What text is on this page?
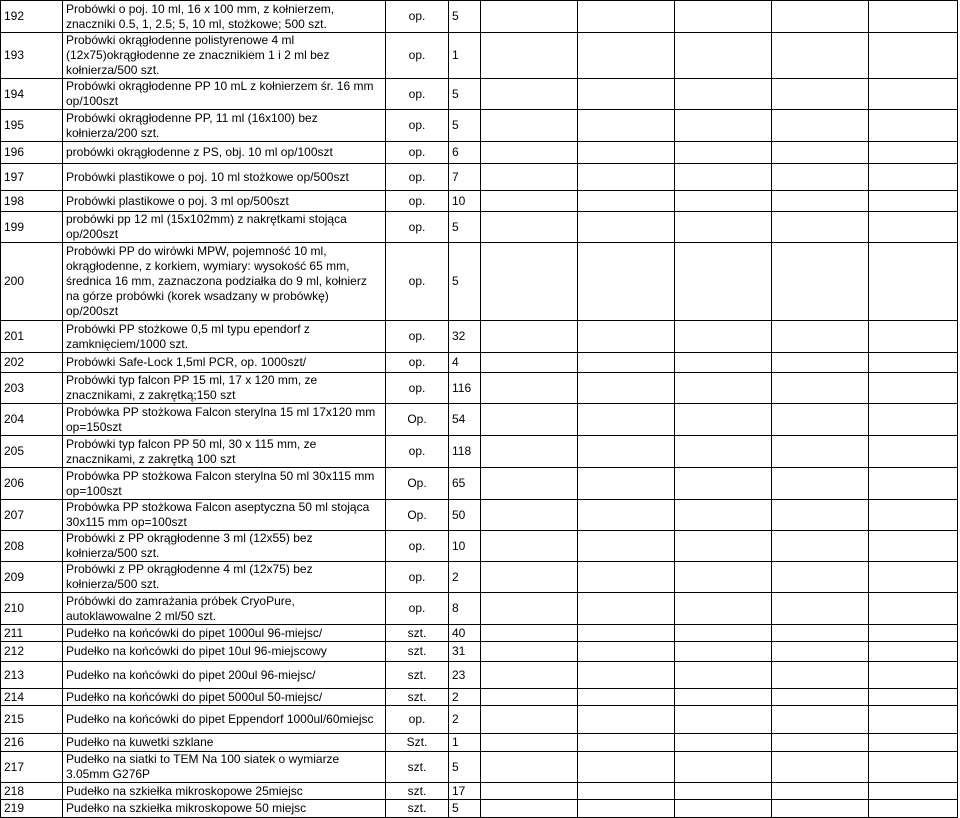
192	Probówki o poj. 10 ml, 16 x 100 mm, z kołnierzem, znaczniki 0.5, 1, 2.5; 5, 10 ml, stożkowe; 500 szt.	op.	5					

193	Probówki okrągłodenne polistyrenowe 4 ml (12x75)okrągłodenne ze znacznikiem 1 i 2 ml bez kołnierza/500 szt.	op.	1					

194	Probówki okrągłodenne PP 10 mL z kołnierzem śr. 16 mm op/100szt	op.	5					

195	Probówki okrągłodenne PP, 11 ml (16x100) bez kołnierza/200 szt.	op.	5					

196	probówki okrągłodenne z PS, obj. 10 ml op/100szt	op.	6					

197	Probówki plastikowe o poj. 10 ml stożkowe op/500szt	op.	7					

198	Probówki plastikowe o poj. 3 ml op/500szt	op.	10					

199	probówki pp 12 ml (15x102mm) z nakrętkami stojąca op/200szt	op.	5					

200	Probówki PP do wirówki MPW, pojemność 10 ml, okrągłodenne, z korkiem, wymiary: wysokość 65 mm, średnica 16 mm, zaznaczona podziałka do 9 ml, kołnierz na górze probówki (korek wsadzany w probówkę) op/200szt	op.	5					

201	Probówki PP stożkowe 0,5 ml typu ependorf z zamknięciem/1000 szt.	op.	32					

202	Probówki Safe-Lock 1,5ml PCR, op. 1000szt/	op.	4					

203	Probówki typ falcon PP 15 ml, 17 x 120 mm, ze znacznikami, z zakrętką;150 szt	op.	116					

204	Probówka PP stożkowa Falcon sterylna 15 ml 17x120 mm op=150szt	Op.	54					

205	Probówki typ falcon PP 50 ml, 30 x 115 mm, ze znacznikami, z zakrętką 100 szt	op.	118					

206	Probówka PP stożkowa Falcon sterylna 50 ml 30x115 mm op=100szt	Op.	65					

207	Probówka PP stożkowa Falcon aseptyczna 50 ml stojąca 30x115 mm op=100szt	Op.	50					

208	Probówki z PP okrągłodenne 3 ml (12x55) bez kołnierza/500 szt.	op.	10					

209	Probówki z PP okrągłodenne 4 ml (12x75) bez kołnierza/500 szt.	op.	2					

210	Próbówki do zamrażania próbek CryoPure, autoklawowalne 2 ml/50 szt.	op.	8					

211	Pudełko na końcówki do pipet 1000ul 96-miejsc/	szt.	40					

212	Pudełko na końcówki do pipet 10ul 96-miejscowy	szt.	31					

213	Pudełko na końcówki do pipet 200ul 96-miejsc/	szt.	23					

214	Pudełko na końcówki do pipet 5000ul 50-miejsc/	szt.	2					

215	Pudełko na końcówki do pipet Eppendorf 1000ul/60miejsc	op.	2					

216	Pudełko na kuwetki szklane	Szt.	1					

217	Pudełko na siatki to TEM Na 100 siatek o wymiarze 3.05mm G276P	szt.	5					

218	Pudełko na szkiełka mikroskopowe 25miejsc	szt.	17					

219	Pudełko na szkiełka mikroskopowe 50 miejsc	szt.	5					
